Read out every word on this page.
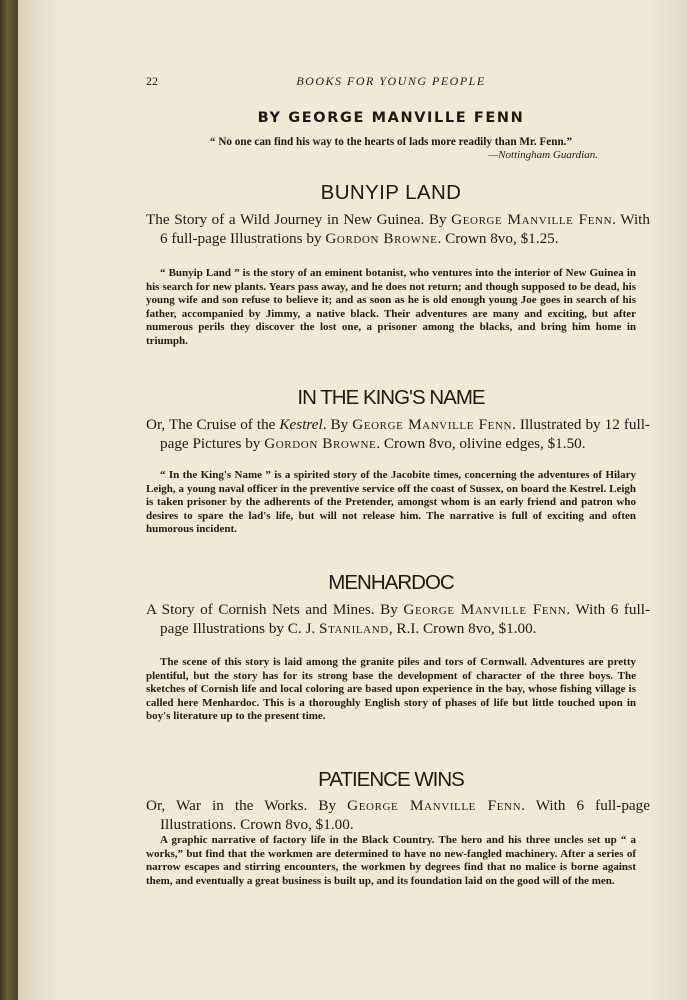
22	BOOKS FOR YOUNG PEOPLE
BY GEORGE MANVILLE FENN
“ No one can find his way to the hearts of lads more readily than Mr. Fenn.”
—Nottingham Guardian.
BUNYIP LAND
The Story of a Wild Journey in New Guinea. By George Manville Fenn. With 6 full-page Illustrations by Gordon Browne. Crown 8vo, $1.25.
“ Bunyip Land ” is the story of an eminent botanist, who ventures into the interior of New Guinea in his search for new plants. Years pass away, and he does not return; and though supposed to be dead, his young wife and son refuse to believe it; and as soon as he is old enough young Joe goes in search of his father, accompanied by Jimmy, a native black. Their adventures are many and exciting, but after numerous perils they discover the lost one, a prisoner among the blacks, and bring him home in triumph.
IN THE KING'S NAME
Or, The Cruise of the Kestrel. By George Manville Fenn. Illustrated by 12 full-page Pictures by Gordon Browne. Crown 8vo, olivine edges, $1.50.
“ In the King's Name ” is a spirited story of the Jacobite times, concerning the adventures of Hilary Leigh, a young naval officer in the preventive service off the coast of Sussex, on board the Kestrel. Leigh is taken prisoner by the adherents of the Pretender, amongst whom is an early friend and patron who desires to spare the lad's life, but will not release him. The narrative is full of exciting and often humorous incident.
MENHARDOC
A Story of Cornish Nets and Mines. By George Manville Fenn. With 6 full-page Illustrations by C. J. Staniland, R.I. Crown 8vo, $1.00.
The scene of this story is laid among the granite piles and tors of Cornwall. Adventures are pretty plentiful, but the story has for its strong base the development of character of the three boys. The sketches of Cornish life and local coloring are based upon experience in the bay, whose fishing village is called here Menhardoc. This is a thoroughly English story of phases of life but little touched upon in boy's literature up to the present time.
PATIENCE WINS
Or, War in the Works. By George Manville Fenn. With 6 full-page Illustrations. Crown 8vo, $1.00.
A graphic narrative of factory life in the Black Country. The hero and his three uncles set up “ a works,” but find that the workmen are determined to have no new-fangled machinery. After a series of narrow escapes and stirring encounters, the workmen by degrees find that no malice is borne against them, and eventually a great business is built up, and its foundation laid on the good will of the men.
